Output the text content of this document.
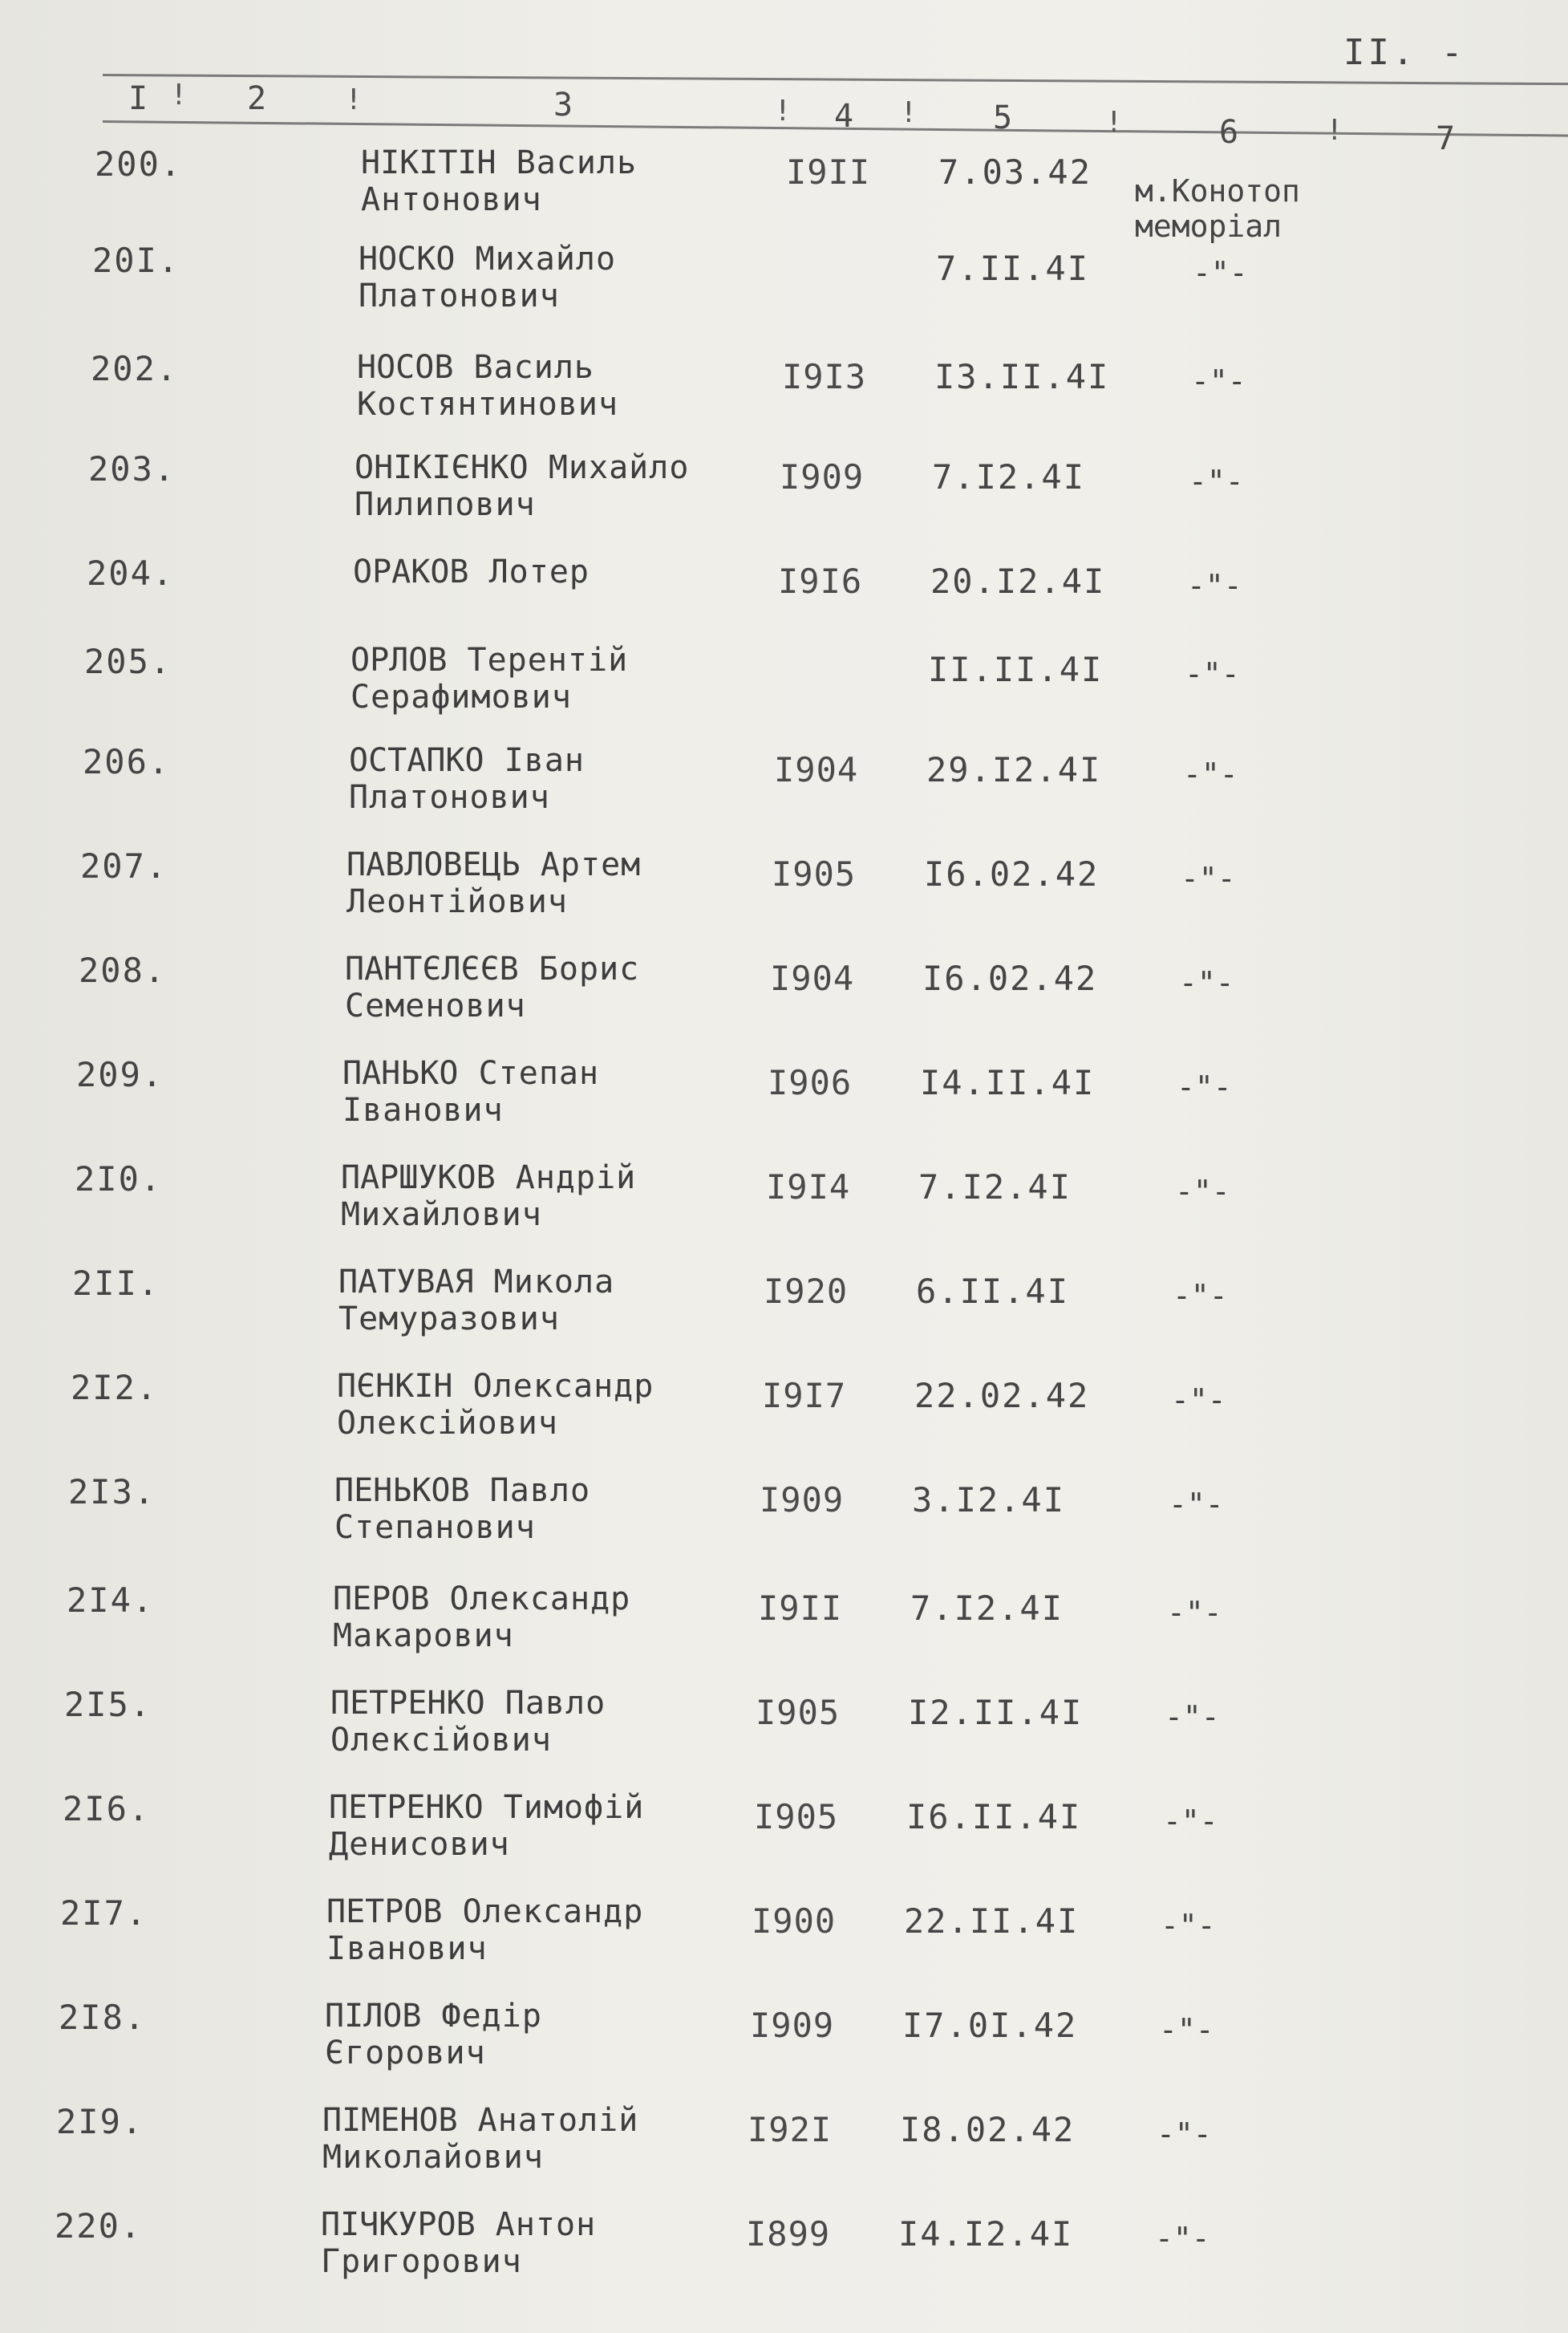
II. -
I ! 2	!	3	! 4 ! 5	!	6	!	7
200.	НІКІТІН Василь
Антонович
I9II 7.03.42 м.Конотоп
меморіал
20I.	НОСКО Михайло
Платонович
7.II.4I	-"-
202.	НОСОВ Василь
Костянтинович
I9I3 I3.II.4I	-"-
203.	ОНІКІЄНКО Михайло
Пилипович
I909 7.I2.4I	-"-
204.	ОРАКОВ Лотер	I9I6 20.I2.4I	-"-
205.	ОРЛОВ Терентій
Серафимович
II.II.4I	-"-
206.	ОСТАПКО Іван
Платонович
I904 29.I2.4I	-"-
207.	ПАВЛОВЕЦЬ Артем
Леонтійович
I905 I6.02.42	-"-
208.	ПАНТЄЛЄЄВ Борис
Семенович
I904 I6.02.42	-"-
209.	ПАНЬКО Степан
Іванович
I906 I4.II.4I	-"-
2I0.	ПАРШУКОВ Андрій
Михайлович
I9I4 7.I2.4I	-"-
2II.	ПАТУВАЯ Микола
Темуразович
I920 6.II.4I	-"-
2I2.	ПЄНКІН Олександр
Олексійович
I9I7 22.02.42	-"-
2I3.	ПЕНЬКОВ Павло
Степанович
I909 3.I2.4I	-"-
2I4.	ПЕРОВ Олександр
Макарович
I9II 7.I2.4I	-"-
2I5.	ПЕТРЕНКО Павло
Олексійович
I905 I2.II.4I	-"-
2I6.	ПЕТРЕНКО Тимофій
Денисович
I905 I6.II.4I	-"-
2I7.	ПЕТРОВ Олександр
Іванович
I900 22.II.4I	-"-
2I8.	ПІЛОВ Федір
Єгорович
I909 I7.0I.42	-"-
2I9.	ПІМЕНОВ Анатолій
Миколайович
I92I I8.02.42	-"-
220.	ПІЧКУРОВ Антон
Григорович
I899 I4.I2.4I	-"-
